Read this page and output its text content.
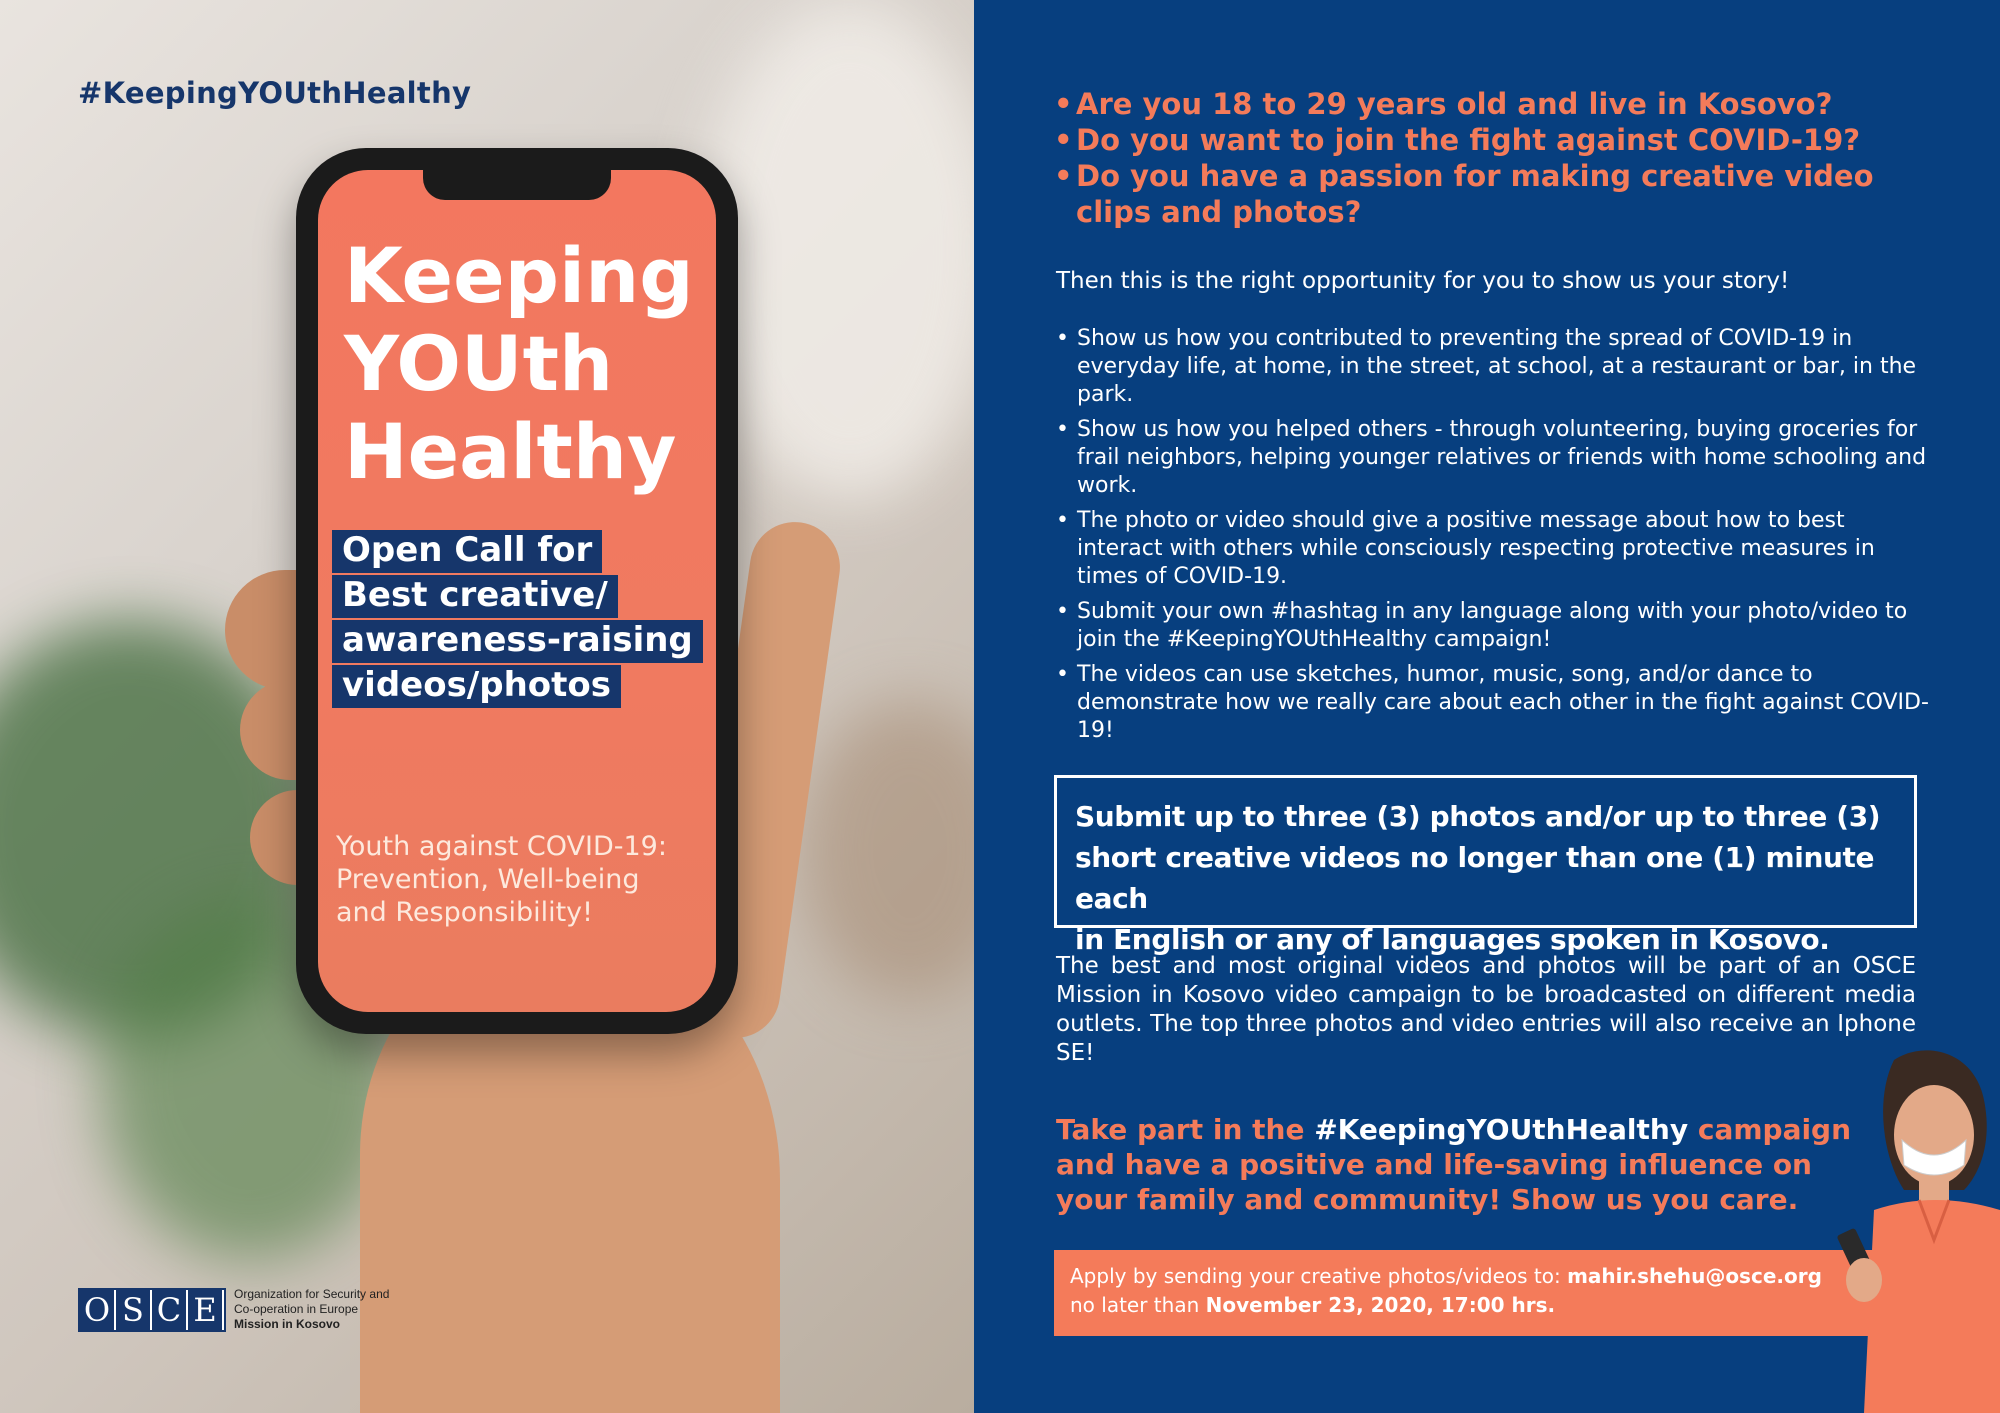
#KeepingYOUthHealthy
Keeping
YOUth
Healthy
Open Call for
Best creative/
awareness-raising
videos/photos
Youth against COVID-19:
Prevention, Well-being
and Responsibility!
O S C E	Organization for Security and
Co-operation in Europe
Mission in Kosovo
• Are you 18 to 29 years old and live in Kosovo?
• Do you want to join the fight against COVID-19?
• Do you have a passion for making creative video clips and photos?
Then this is the right opportunity for you to show us your story!
• Show us how you contributed to preventing the spread of COVID-19 in everyday life, at home, in the street, at school, at a restaurant or bar, in the park.
• Show us how you helped others - through volunteering, buying groceries for frail neighbors, helping younger relatives or friends with home schooling and work.
• The photo or video should give a positive message about how to best interact with others while consciously respecting protective measures in times of COVID-19.
• Submit your own #hashtag in any language along with your photo/video to join the #KeepingYOUthHealthy campaign!
• The videos can use sketches, humor, music, song, and/or dance to demonstrate how we really care about each other in the fight against COVID-19!

Submit up to three (3) photos and/or up to three (3)

short creative videos no longer than one (1) minute each

in English or any of languages spoken in Kosovo.

The best and most original videos and photos will be part of an OSCE Mission in Kosovo video campaign to be broadcasted on different media outlets. The top three photos and video entries will also receive an Iphone SE!
Take part in the #KeepingYOUthHealthy campaign and have a positive and life-saving influence on your family and community! Show us you care.
Apply by sending your creative photos/videos to: mahir.shehu@osce.org
no later than November 23, 2020, 17:00 hrs.
